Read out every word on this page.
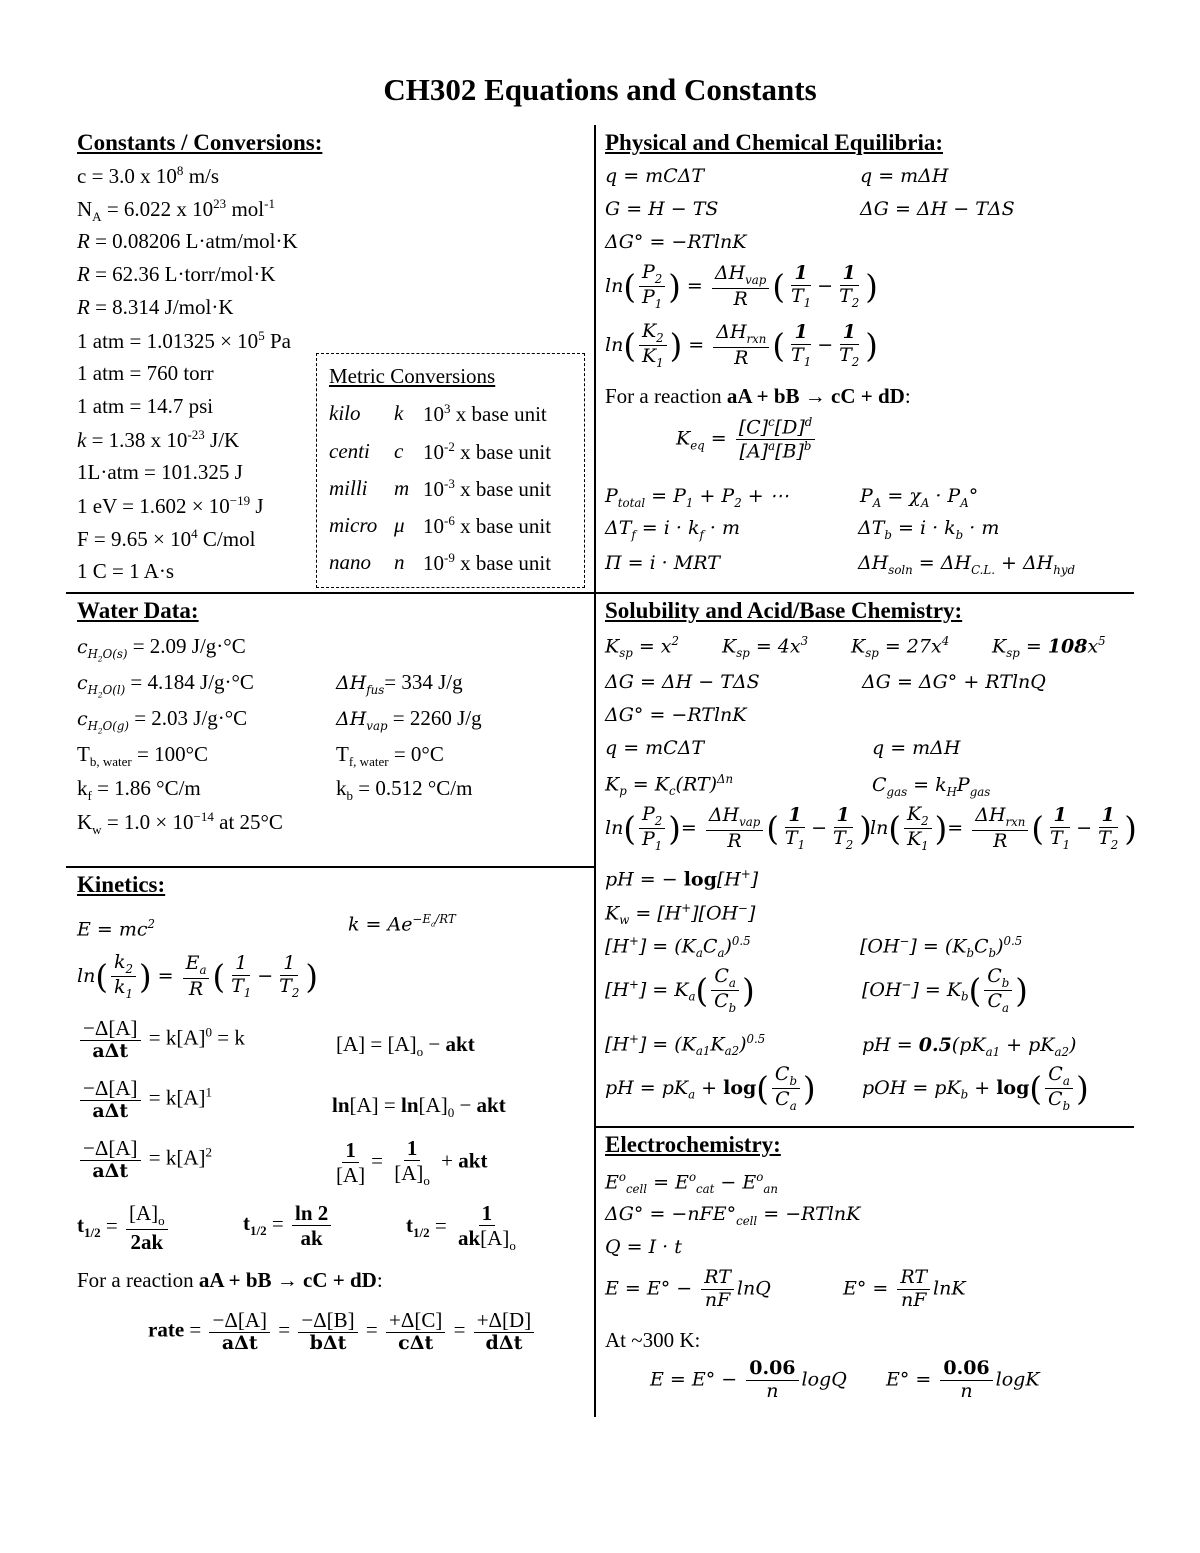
CH302 Equations and Constants
Constants / Conversions:
c = 3.0 x $10^8$ m/s
$N_A = 6.022$ x $10^{23}$ mol$^{-1}$
R = 0.08206 L·atm/mol·K
R = 62.36 L·torr/mol·K
R = 8.314 J/mol·K
1 atm = $1.01325 \times 10^5$ Pa
1 atm = 760 torr
1 atm = 14.7 psi
k = 1.38 x $10^{-23}$ J/K
1L·atm = 101.325 J
1 eV = $1.602 \times 10^{-19}$ J
$F = 9.65 \times 10^4$ C/mol
1 C = 1 A·s
Metric Conversions
kilo k $10^3$ x base unit
centi c $10^{-2}$ x base unit
milli m $10^{-3}$ x base unit
micro μ $10^{-6}$ x base unit
nano n $10^{-9}$ x base unit
Water Data:
$c_{H_2O(s)} = 2.09$ J/g·°C
$c_{H_2O(l)} = 4.184$ J/g·°C	$\Delta H_{fus}= 334$ J/g
$c_{H_2O(g)} = 2.03$ J/g·°C	$\Delta H_{vap} = 2260$ J/g
$T_{b, water} = 100^\circ C$	$T_{f, water} = 0^\circ C$
$k_f = 1.86$ °C/m	$k_b = 0.512$ °C/m
$K_w = 1.0 \times 10^{-14}$ at 25°C
Kinetics:
$E = mc^2$	$k = Ae^{-E_a/RT}$
$\ln( \frac{k_2}{k_1}$ ) = $\frac{E_a}{R}$ ( $\frac{1}{T_1} - \frac{1}{T_2}$ )
$\frac{-\Delta[A]}{\text{aΔt}} = k[A]^0 = k$	$[A] = [A]_o$ − akt
$\frac{-\Delta[A]}{\text{aΔt}} = k[A]^1$
$\ln[A] = \ln[A]_0$ − akt
$\frac{-\Delta[A]}{\text{aΔt}} = k[A]^2$	$\frac{1}{[A]} = \frac{1}{[A]_o}$ + akt
$t_{1/2} = \frac{[A]_o}{2ak}$	$t_{1/2} = \frac{\ln 2}{ak}$	$t_{1/2} = \frac{1}{ak[A]_o}$
For a reaction aA + bB → cC + dD:
rate = $\frac{-\Delta[A]}{\text{aΔt}} = \frac{-\Delta[B]}{\text{bΔt}} = \frac{+\Delta[C]}{\text{cΔt}} = \frac{+\Delta[D]}{\text{dΔt}}$
Physical and Chemical Equilibria:
q = mCΔT	q = mΔH
G = H − TS	ΔG = ΔH − TΔS
ΔG° = −RTlnK
$\ln( \frac{P_2}{P_1}$ ) = $\frac{\Delta H_{vap}}{R}$ ( $\frac{1}{T_1} - \frac{1}{T_2}$ )
$\ln( \frac{K_2}{K_1}$ ) = $\frac{\Delta H_{rxn}}{R}$ ( $\frac{1}{T_1} - \frac{1}{T_2}$ )
For a reaction aA + bB → cC + dD:
$K_{eq} = \frac{[C]^c[D]^d}{[A]^a[B]^b}$
$P_{total} = P_1 + P_2$ + ⋯	$P_A = \chi_A \cdot P_A^\circ$
$\Delta T_f = i \cdot k_f \cdot m$	$\Delta T_b = i \cdot k_b \cdot m$
Π = i · MRT	$\Delta H_{soln} = \Delta H_{C.L.} + \Delta H_{hyd}$
Solubility and Acid/Base Chemistry:
$K_{sp} = x^2$ $K_{sp} = 4x^3$ $K_{sp} = 27x^4$ $K_{sp} = 108x^5$
ΔG = ΔH − TΔS	ΔG = ΔG° + RTlnQ
ΔG° = −RTlnK
q = mCΔT	q = mΔH
$K_p = K_c(RT)^{\Delta n}$	$C_{gas} = k_HP_{gas}$
$\ln( \frac{P_2}{P_1}$ )= $\frac{\Delta H_{vap}}{R}$ ( $\frac{1}{T_1} - \frac{1}{T_2}$ )
$\ln( \frac{K_2}{K_1}$ )= $\frac{\Delta H_{rxn}}{R}$ ( $\frac{1}{T_1} - \frac{1}{T_2}$ )
pH = − log[H+]
$K_w = [H^+][OH^-]$
$[H^+] = (K_aC_a)^{0.5}$	$[OH^-] = (K_bC_b)^{0.5}$
$[H^+] = K_a( \frac{C_a}{C_b}$ )	$[OH^-] = K_b( \frac{C_b}{C_a}$ )
$[H^+] = (K_{a1}K_{a2})^{0.5}$	pH = $0.5(pK_{a1} + pK_{a2})$
pH = $pK_a + \log( \frac{C_b}{C_a}$ ) pOH = $pK_b + \log( \frac{C_a}{C_b}$ )
Electrochemistry:
$E^o_{cell} = E^o_{cat} - E^o_{an}$
$\Delta G^\circ = -nFE^\circ_{cell} = -RTlnK$
Q = I · t
$E = E^\circ - \frac{RT}{nF}$ lnQ	$E^\circ = \frac{RT}{nF}$ lnK
At ~300 K:
$E = E^\circ - \frac{0.06}{n}$ logQ $E^\circ = \frac{0.06}{n}$ logK
